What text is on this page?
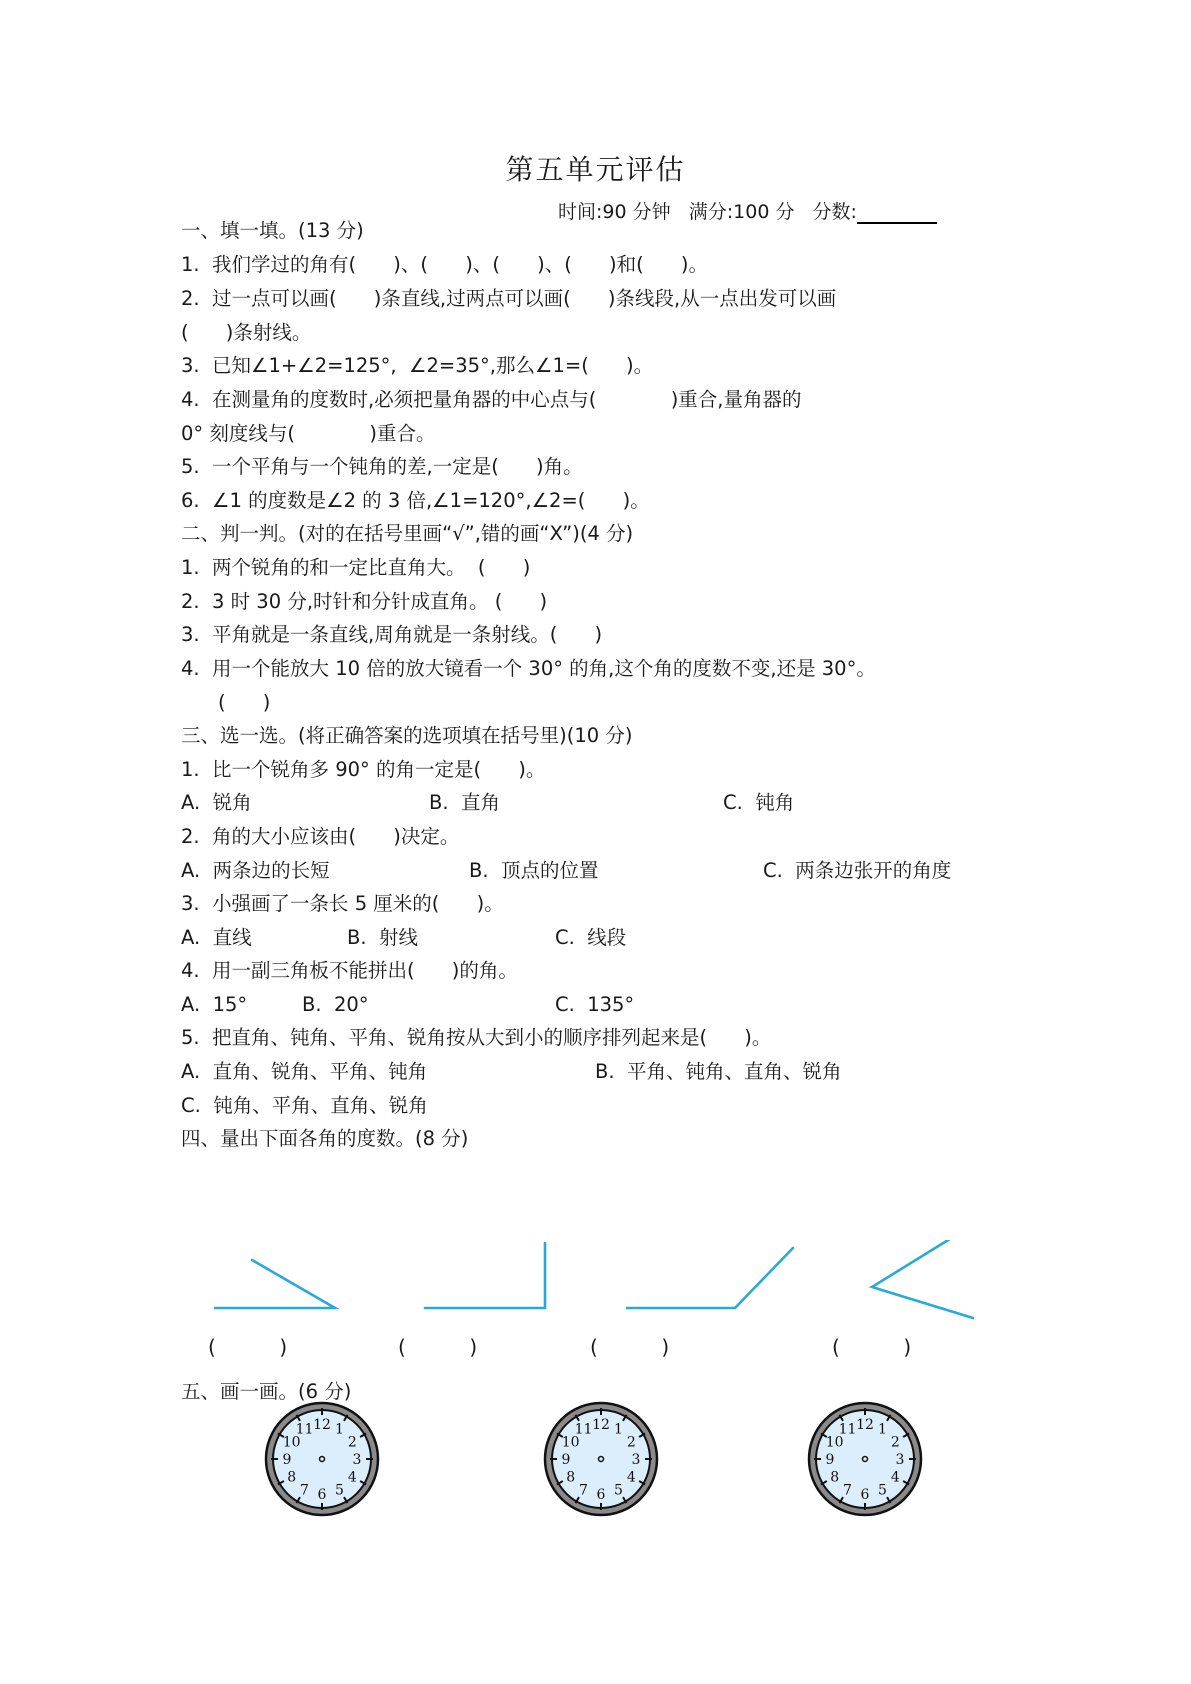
第五单元评估
时间:90 分钟   满分:100 分   分数:
一、填一填。(13 分)
1.  我们学过的角有(      )、(      )、(      )、(      )和(      )。
2.  过一点可以画(      )条直线,过两点可以画(      )条线段,从一点出发可以画
(      )条射线。
3.  已知∠1+∠2=125°,  ∠2=35°,那么∠1=(      )。
4.  在测量角的度数时,必须把量角器的中心点与(            )重合,量角器的
0° 刻度线与(            )重合。
5.  一个平角与一个钝角的差,一定是(      )角。
6.  ∠1 的度数是∠2 的 3 倍,∠1=120°,∠2=(      )。
二、判一判。(对的在括号里画“√”,错的画“X”)(4 分)
1.  两个锐角的和一定比直角大。  (      )
2.  3 时 30 分,时针和分针成直角。 (      )
3.  平角就是一条直线,周角就是一条射线。(      )
4.  用一个能放大 10 倍的放大镜看一个 30° 的角,这个角的度数不变,还是 30°。
(      )
三、选一选。(将正确答案的选项填在括号里)(10 分)
1.  比一个锐角多 90° 的角一定是(      )。
A.  锐角	B.  直角	C.  钝角
2.  角的大小应该由(      )决定。
A.  两条边的长短	B.  顶点的位置	C.  两条边张开的角度
3.  小强画了一条长 5 厘米的(      )。
A.  直线	B.  射线	C.  线段
4.  用一副三角板不能拼出(      )的角。
A.  15°	B.  20°	C.  135°
5.  把直角、钝角、平角、锐角按从大到小的顺序排列起来是(      )。
A.  直角、锐角、平角、钝角	B.  平角、钝角、直角、锐角
C.  钝角、平角、直角、锐角
四、量出下面各角的度数。(8 分)
(          )	(          )	(          )	(          )
五、画一画。(6 分)
12 1
2
3
4
5
6
7
8
9
10
11	12 1
2
3
4
5
6
7
8
9
10
11	12 1
2
3
4
5
6
7
8
9
10
11
